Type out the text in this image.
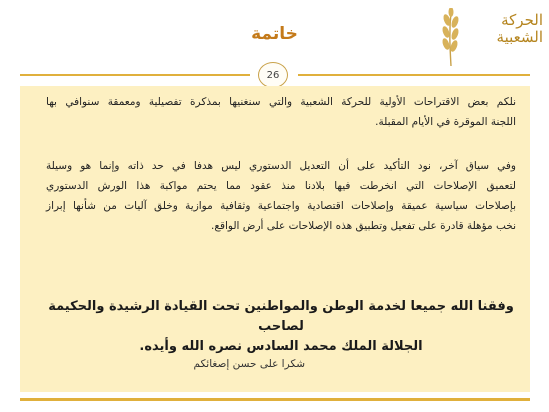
الحركة
الشعبية
خاتمة
26
نلكم بعض الاقتراحات الأولية للحركة الشعبية والتي سنغنيها بمذكرة تفصيلية ومعمقة سنوافي بها
اللجنة الموقرة في الأيام المقبلة.
وفي سياق آخر، نود التأكيد على أن التعديل الدستوري ليس هدفا في حد ذاته وإنما هو وسيلة
لتعميق الإصلاحات التي انخرطت فيها بلادنا منذ عقود مما يحتم مواكبة هذا الورش الدستوري
بإصلاحات سياسية عميقة وإصلاحات اقتصادية واجتماعية وثقافية موازية وخلق آليات من شأنها إبراز
نخب مؤهلة قادرة على تفعيل وتطبيق هذه الإصلاحات على أرض الواقع.
وفقنا الله جميعا لخدمة الوطن والمواطنين تحت القيادة الرشيدة والحكيمة لصاحب
الجلالة الملك محمد السادس نصره الله وأيده.
شكرا على حسن إصغائكم
